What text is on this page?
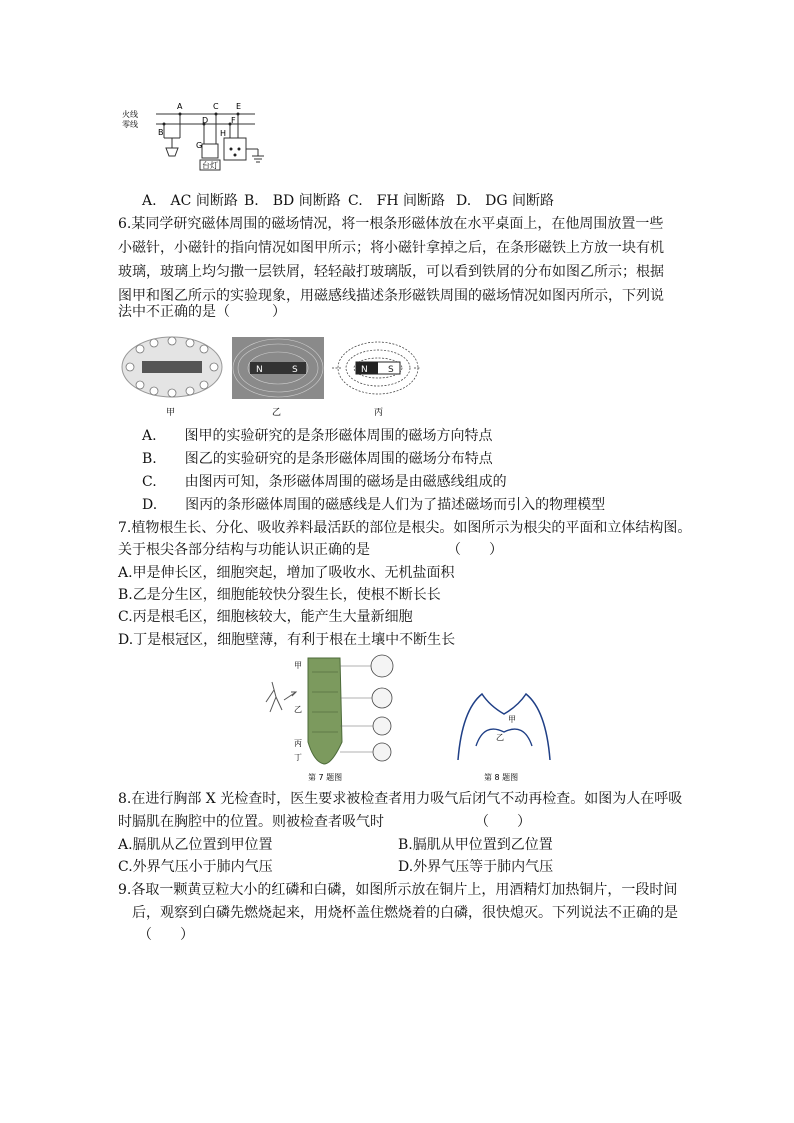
火线
零线
A
B
C
D
E
F
G
H
台灯
A.　AC 间断路 B.　BD 间断路 C.　FH 间断路 D.　DG 间断路
6.某同学研究磁体周围的磁场情况，将一根条形磁体放在水平桌面上，在他周围放置一些
小磁针，小磁针的指向情况如图甲所示；将小磁针拿掉之后，在条形磁铁上方放一块有机
玻璃，玻璃上均匀撒一层铁屑，轻轻敲打玻璃版，可以看到铁屑的分布如图乙所示；根据
图甲和图乙所示的实验现象，用磁感线描述条形磁铁周围的磁场情况如图丙所示，下列说
法中不正确的是（　　　）
N	S	N S
甲	乙	丙
A.　　图甲的实验研究的是条形磁体周围的磁场方向特点
B.　　图乙的实验研究的是条形磁体周围的磁场分布特点
C.　　由图丙可知，条形磁体周围的磁场是由磁感线组成的
D.　　图丙的条形磁体周围的磁感线是人们为了描述磁场而引入的物理模型
7.植物根生长、分化、吸收养料最活跃的部位是根尖。如图所示为根尖的平面和立体结构图。
关于根尖各部分结构与功能认识正确的是　　　　　　（　　）
A.甲是伸长区，细胞突起，增加了吸收水、无机盐面积
B.乙是分生区，细胞能较快分裂生长，使根不断长长
C.丙是根毛区，细胞核较大，能产生大量新细胞
D.丁是根冠区，细胞壁薄，有利于根在土壤中不断生长
甲
乙
丙
丁
第 7 题图
甲
乙
第 8 题图
8.在进行胸部 X 光检查时，医生要求被检查者用力吸气后闭气不动再检查。如图为人在呼吸
时膈肌在胸腔中的位置。则被检查者吸气时　　　　　　　（　　）
A.膈肌从乙位置到甲位置	B.膈肌从甲位置到乙位置
C.外界气压小于肺内气压	D.外界气压等于肺内气压
9.各取一颗黄豆粒大小的红磷和白磷，如图所示放在铜片上，用酒精灯加热铜片，一段时间
后，观察到白磷先燃烧起来，用烧杯盖住燃烧着的白磷，很快熄灭。下列说法不正确的是
（　　）
